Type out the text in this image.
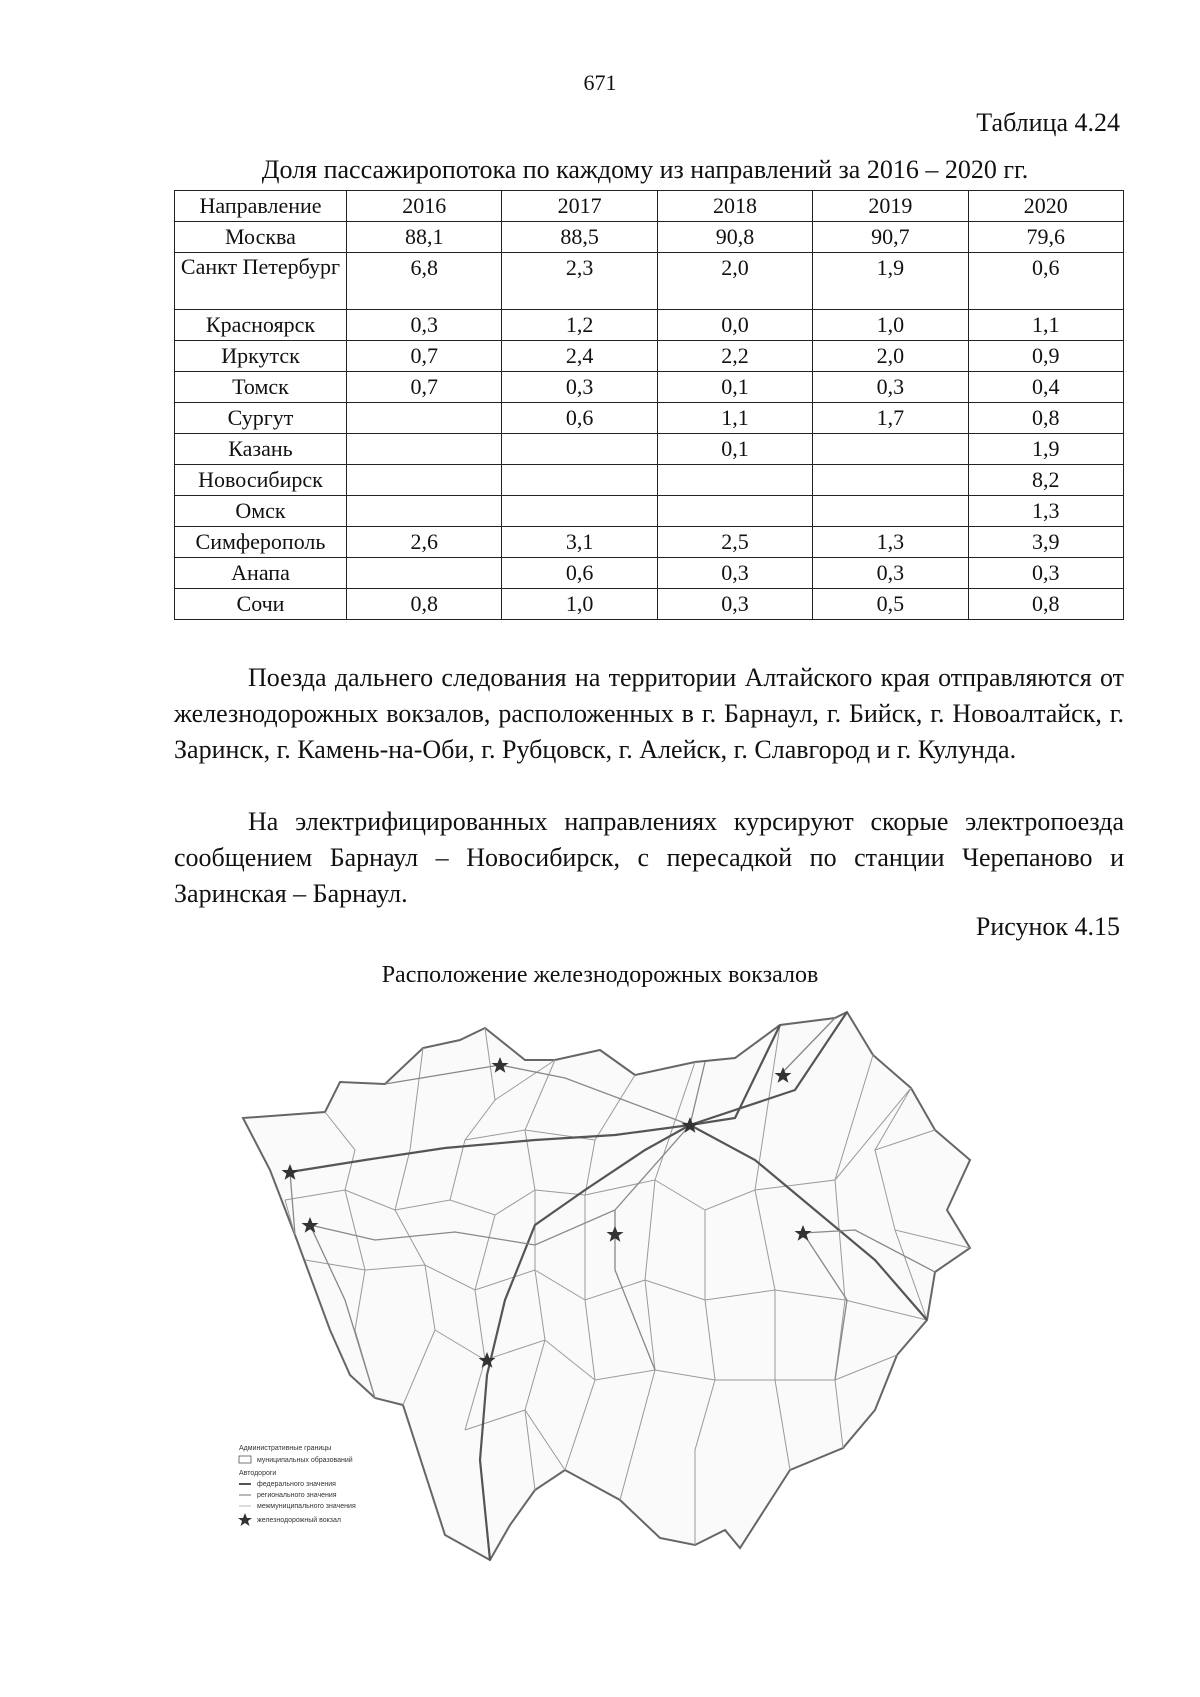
671
Таблица 4.24
Доля пассажиропотока по каждому из направлений за 2016 – 2020 гг.
Направление	2016	2017	2018	2019	2020
Москва	88,1	88,5	90,8	90,7	79,6
Санкт Петербург	6,8	2,3	2,0	1,9	0,6
Красноярск	0,3	1,2	0,0	1,0	1,1
Иркутск	0,7	2,4	2,2	2,0	0,9
Томск	0,7	0,3	0,1	0,3	0,4
Сургут		0,6	1,1	1,7	0,8
Казань			0,1		1,9
Новосибирск					8,2
Омск					1,3
Симферополь	2,6	3,1	2,5	1,3	3,9
Анапа		0,6	0,3	0,3	0,3
Сочи	0,8	1,0	0,3	0,5	0,8
Поезда дальнего следования на территории Алтайского края отправляются от железнодорожных вокзалов, расположенных в г. Барнаул, г. Бийск, г. Новоалтайск, г. Заринск, г. Камень-на-Оби, г. Рубцовск, г. Алейск, г. Славгород и г. Кулунда.
На электрифицированных направлениях курсируют скорые электропоезда сообщением Барнаул – Новосибирск, с пересадкой по станции Черепаново и Заринская – Барнаул.
Рисунок 4.15
Расположение железнодорожных вокзалов
Административные границы
муниципальных образований
Автодороги
федерального значения
регионального значения
межмуниципального значения
железнодорожный вокзал
